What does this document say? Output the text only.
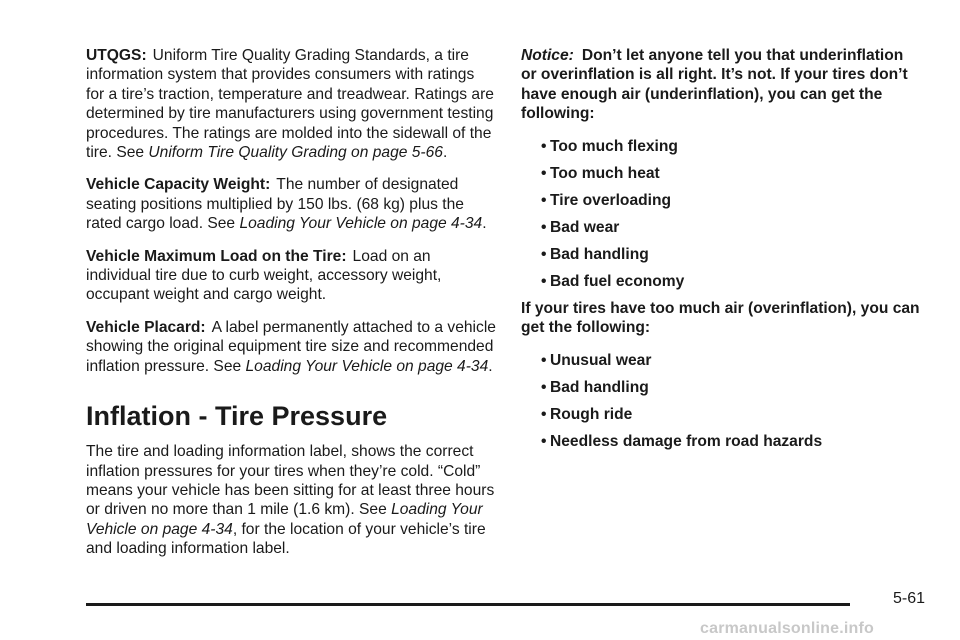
UTQGS: Uniform Tire Quality Grading Standards, a tire information system that provides consumers with ratings for a tire’s traction, temperature and treadwear. Ratings are determined by tire manufacturers using government testing procedures. The ratings are molded into the sidewall of the tire. See Uniform Tire Quality Grading on page 5-66.

Vehicle Capacity Weight: The number of designated seating positions multiplied by 150 lbs. (68 kg) plus the rated cargo load. See Loading Your Vehicle on page 4-34.

Vehicle Maximum Load on the Tire: Load on an individual tire due to curb weight, accessory weight, occupant weight and cargo weight.

Vehicle Placard: A label permanently attached to a vehicle showing the original equipment tire size and recommended inflation pressure. See Loading Your Vehicle on page 4-34.

Inflation - Tire Pressure

The tire and loading information label, shows the correct inflation pressures for your tires when they’re cold. “Cold” means your vehicle has been sitting for at least three hours or driven no more than 1 mile (1.6 km). See Loading Your Vehicle on page 4-34, for the location of your vehicle’s tire and loading information label.

Notice: Don’t let anyone tell you that underinflation or overinflation is all right. It’s not. If your tires don’t have enough air (underinflation), you can get the following:

• Too much flexing
• Too much heat
• Tire overloading
• Bad wear
• Bad handling
• Bad fuel economy

If your tires have too much air (overinflation), you can get the following:

• Unusual wear
• Bad handling
• Rough ride
• Needless damage from road hazards
5-61
carmanualsonline.info
